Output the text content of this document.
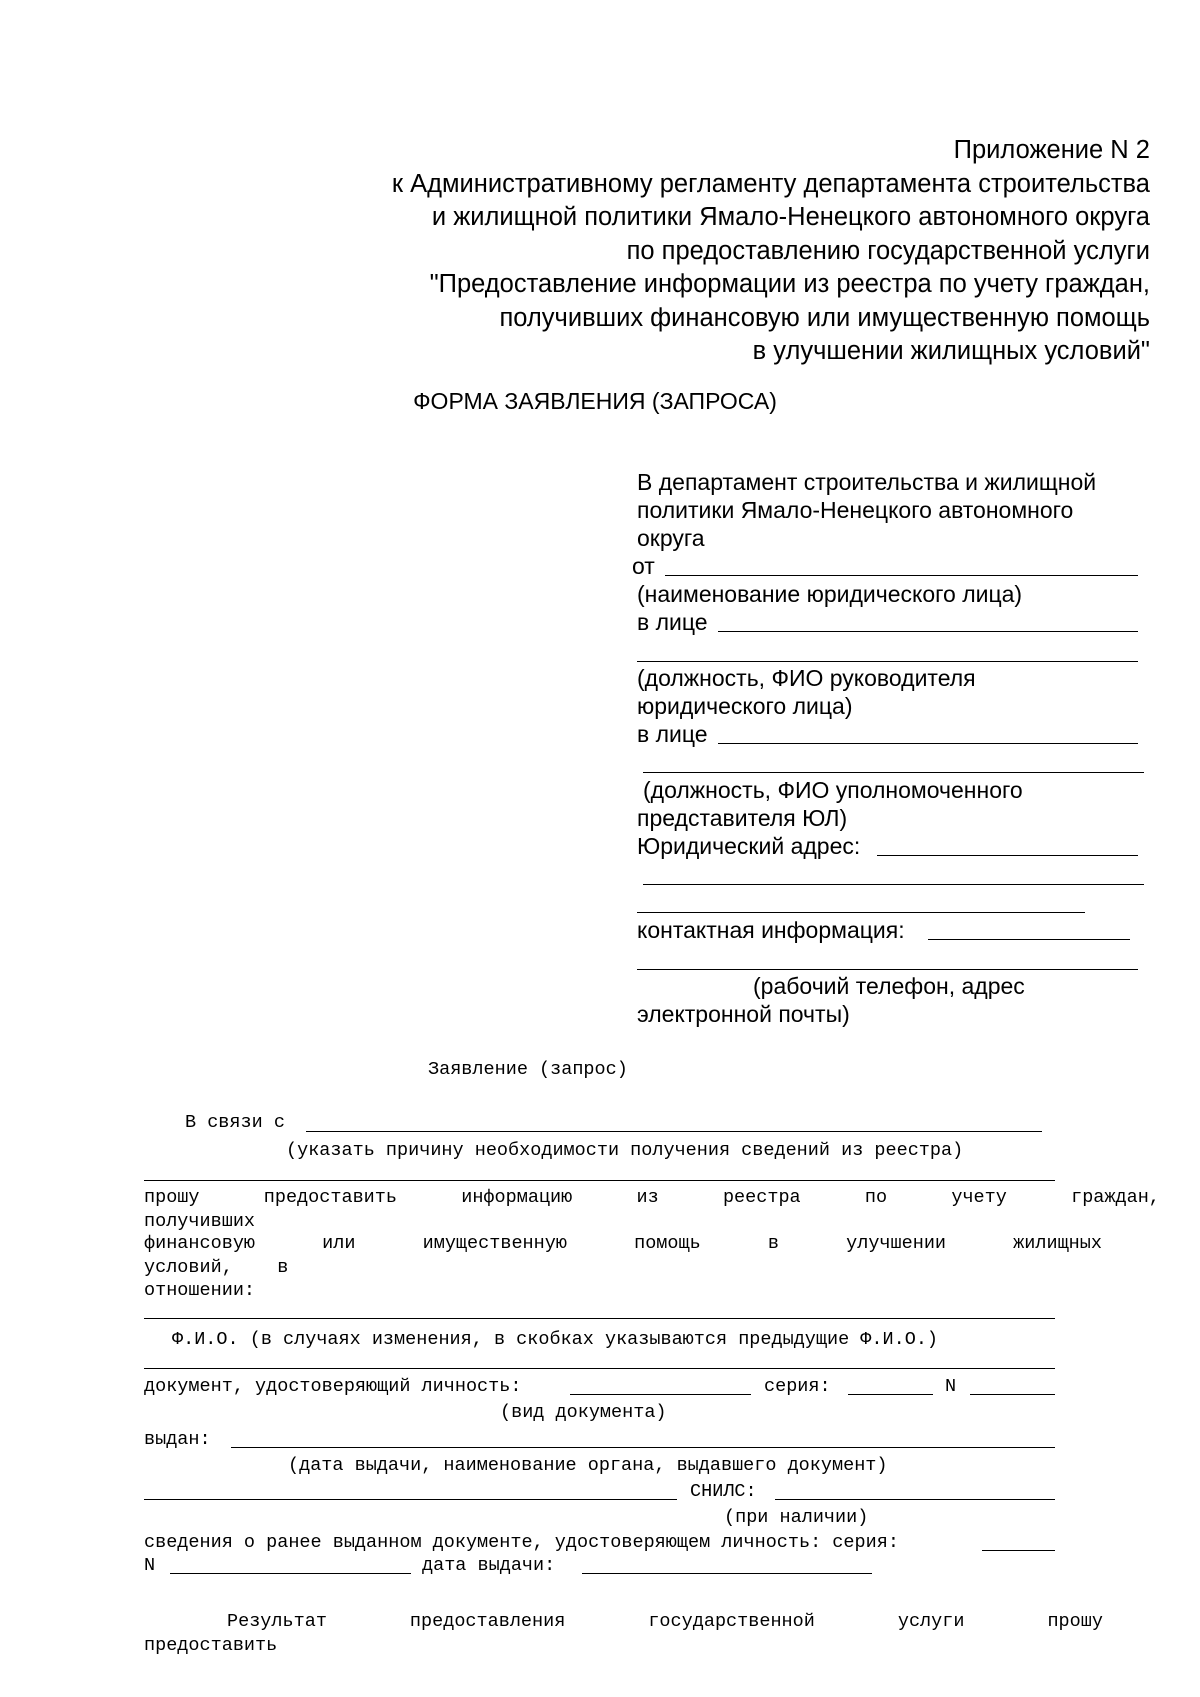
Приложение N 2
к Административному регламенту департамента строительства
и жилищной политики Ямало-Ненецкого автономного округа
по предоставлению государственной услуги
"Предоставление информации из реестра по учету граждан,
получивших финансовую или имущественную помощь
в улучшении жилищных условий"
ФОРМА ЗАЯВЛЕНИЯ (ЗАПРОСА)
В департамент строительства и жилищной
политики Ямало-Ненецкого автономного
округа
от
(наименование юридического лица)
в лице
(должность, ФИО руководителя
юридического лица)
в лице
(должность, ФИО уполномоченного
представителя ЮЛ)
Юридический адрес:
контактная информация:
(рабочий телефон, адрес
электронной почты)
Заявление (запрос)
В связи с
(указать причину необходимости получения сведений из реестра)
прошу	предоставить	информацию	из	реестра	по	учету	граждан,
получивших
финансовую	или	имущественную	помощь	в	улучшении	жилищных
условий,    в
отношении:
Ф.И.О. (в случаях изменения, в скобках указываются предыдущие Ф.И.О.)
документ, удостоверяющий личность:	серия:	N
(вид документа)
выдан:
(дата выдачи, наименование органа, выдавшего документ)
СНИЛС:
(при наличии)
сведения о ранее выданном документе, удостоверяющем личность: серия:
N	дата выдачи:
Результат	предоставления	государственной	услуги	прошу
предоставить
